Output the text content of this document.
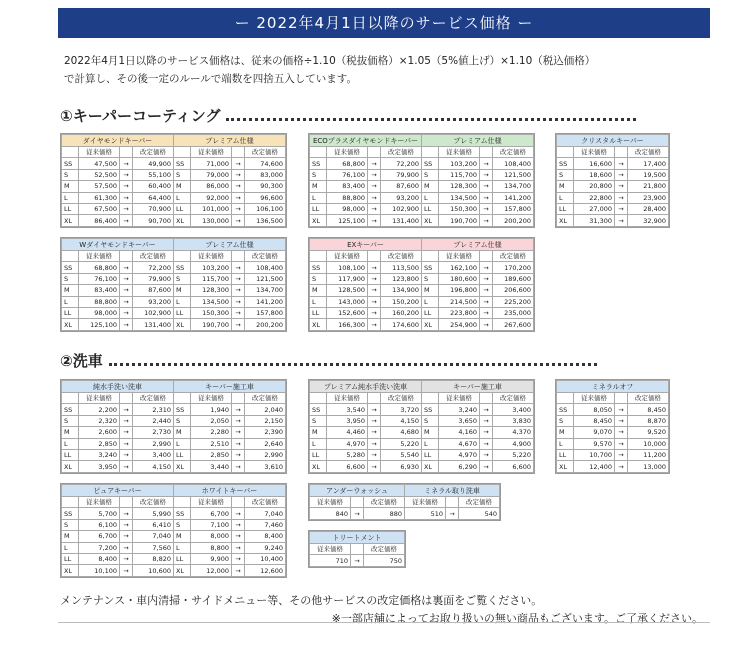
ー 2022年4月1日以降のサービス価格 ー
2022年4月1日以降のサービス価格は、従来の価格÷1.10（税抜価格）×1.05（5%値上げ）×1.10（税込価格）
で計算し、その後一定のルールで端数を四捨五入しています。
①キーパーコーティング
②洗車
ダイヤモンドキーパー				プレミアム仕様			
	従来価格		改定価格		従来価格		改定価格
SS	47,500	→	49,900	SS	71,000	→	74,600
S	52,500	→	55,100	S	79,000	→	83,000
M	57,500	→	60,400	M	86,000	→	90,300
L	61,300	→	64,400	L	92,000	→	96,600
LL	67,500	→	70,900	LL	101,000	→	106,100
XL	86,400	→	90,700	XL	130,000	→	136,500
ECOプラスダイヤモンドキーパー				プレミアム仕様			
	従来価格		改定価格		従来価格		改定価格
SS	68,800	→	72,200	SS	103,200	→	108,400
S	76,100	→	79,900	S	115,700	→	121,500
M	83,400	→	87,600	M	128,300	→	134,700
L	88,800	→	93,200	L	134,500	→	141,200
LL	98,000	→	102,900	LL	150,300	→	157,800
XL	125,100	→	131,400	XL	190,700	→	200,200
クリスタルキーパー			
	従来価格		改定価格
SS	16,600	→	17,400
S	18,600	→	19,500
M	20,800	→	21,800
L	22,800	→	23,900
LL	27,000	→	28,400
XL	31,300	→	32,900
Wダイヤモンドキーパー				プレミアム仕様			
	従来価格		改定価格		従来価格		改定価格
SS	68,800	→	72,200	SS	103,200	→	108,400
S	76,100	→	79,900	S	115,700	→	121,500
M	83,400	→	87,600	M	128,300	→	134,700
L	88,800	→	93,200	L	134,500	→	141,200
LL	98,000	→	102,900	LL	150,300	→	157,800
XL	125,100	→	131,400	XL	190,700	→	200,200
EXキーパー				プレミアム仕様			
	従来価格		改定価格		従来価格		改定価格
SS	108,100	→	113,500	SS	162,100	→	170,200
S	117,900	→	123,800	S	180,600	→	189,600
M	128,500	→	134,900	M	196,800	→	206,600
L	143,000	→	150,200	L	214,500	→	225,200
LL	152,600	→	160,200	LL	223,800	→	235,000
XL	166,300	→	174,600	XL	254,900	→	267,600
純水手洗い洗車				キーパー施工車			
	従来価格		改定価格		従来価格		改定価格
SS	2,200	→	2,310	SS	1,940	→	2,040
S	2,320	→	2,440	S	2,050	→	2,150
M	2,600	→	2,730	M	2,280	→	2,390
L	2,850	→	2,990	L	2,510	→	2,640
LL	3,240	→	3,400	LL	2,850	→	2,990
XL	3,950	→	4,150	XL	3,440	→	3,610
プレミアム純水手洗い洗車				キーパー施工車			
	従来価格		改定価格		従来価格		改定価格
SS	3,540	→	3,720	SS	3,240	→	3,400
S	3,950	→	4,150	S	3,650	→	3,830
M	4,460	→	4,680	M	4,160	→	4,370
L	4,970	→	5,220	L	4,670	→	4,900
LL	5,280	→	5,540	LL	4,970	→	5,220
XL	6,600	→	6,930	XL	6,290	→	6,600
ミネラルオフ			
	従来価格		改定価格
SS	8,050	→	8,450
S	8,450	→	8,870
M	9,070	→	9,520
L	9,570	→	10,000
LL	10,700	→	11,200
XL	12,400	→	13,000
ピュアキーパー				ホワイトキーパー			
	従来価格		改定価格		従来価格		改定価格
SS	5,700	→	5,990	SS	6,700	→	7,040
S	6,100	→	6,410	S	7,100	→	7,460
M	6,700	→	7,040	M	8,000	→	8,400
L	7,200	→	7,560	L	8,800	→	9,240
LL	8,400	→	8,820	LL	9,900	→	10,400
XL	10,100	→	10,600	XL	12,000	→	12,600
アンダーウォッシュ			ミネラル取り洗車		
従来価格		改定価格	従来価格		改定価格
840	→	880	510	→	540
トリートメント		
従来価格		改定価格
710	→	750
メンテナンス・車内清掃・サイドメニュー等、その他サービスの改定価格は裏面をご覧ください。
※一部店舗によってお取り扱いの無い商品もございます。ご了承ください。
